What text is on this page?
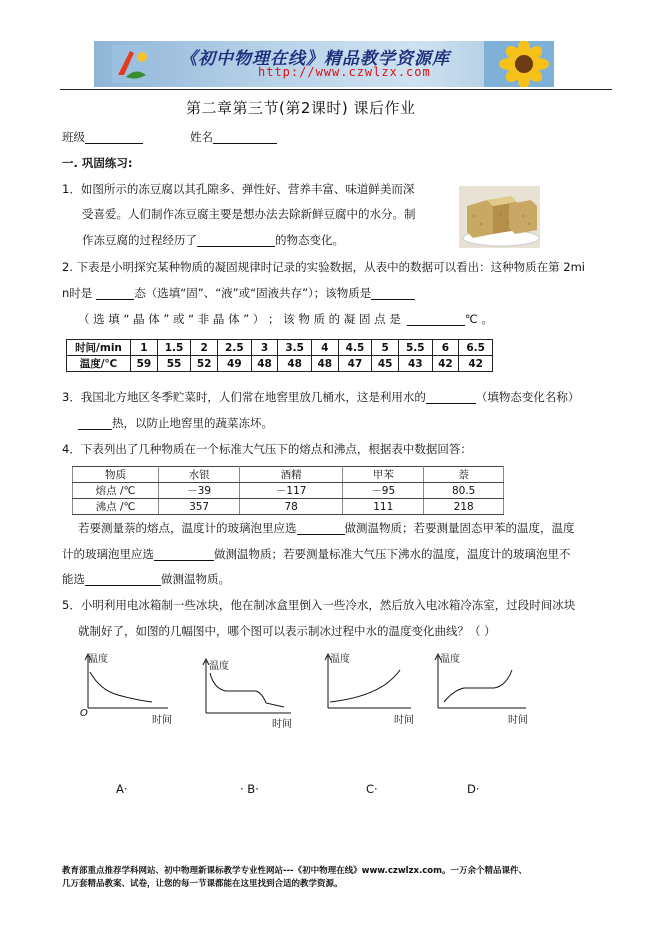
《初中物理在线》精品教学资源库
http://www.czwlzx.com
第二章第三节(第2课时) 课后作业
班级	姓名
一. 巩固练习:
1．如图所示的冻豆腐以其孔隙多、弹性好、营养丰富、味道鲜美而深
受喜爱。人们制作冻豆腐主要是想办法去除新鲜豆腐中的水分。制
作冻豆腐的过程经历了	的物态变化。
2. 下表是小明探究某种物质的凝固规律时记录的实验数据，从表中的数据可以看出：这种物质在第 2mi
n时是	态（选填“固”、“液”或“固液共存”）；该物质是
（ 选 填 “ 晶 体 ” 或 “ 非 晶 体 ” ） ； 该 物 质 的 凝 固 点 是	℃ 。
时间/min	1	1.5	2	2.5	3	3.5	4	4.5	5	5.5	6	6.5
温度/℃	59	55	52	49	48	48	48	47	45	43	42	42
3．我国北方地区冬季贮菜时，人们常在地窖里放几桶水，这是利用水的	（填物态变化名称）
热，以防止地窖里的蔬菜冻坏。
4．下表列出了几种物质在一个标准大气压下的熔点和沸点，根据表中数据回答：
物质	水银	酒精	甲苯	萘
熔点 /℃	－39	－117	－95	80.5
沸点 /℃	357	78	111	218
若要测量萘的熔点，温度计的玻璃泡里应选	做测温物质；若要测量固态甲苯的温度，温度
计的玻璃泡里应选	做测温物质；若要测量标准大气压下沸水的温度，温度计的玻璃泡里不
能选	做测温物质。
5．小明利用电冰箱制一些冰块，他在制冰盒里倒入一些冷水，然后放入电冰箱冷冻室，过段时间冰块
就制好了，如图的几幅图中，哪个图可以表示制冰过程中水的温度变化曲线？（ ）
温度
O
时间
温度
时间
温度
时间
温度
时间
A·	· B·	C·	D·
教育部重点推荐学科网站、初中物理新课标教学专业性网站---《初中物理在线》www.czwlzx.com。一万余个精品课件、
几万套精品教案、试卷，让您的每一节课都能在这里找到合适的教学资源。
